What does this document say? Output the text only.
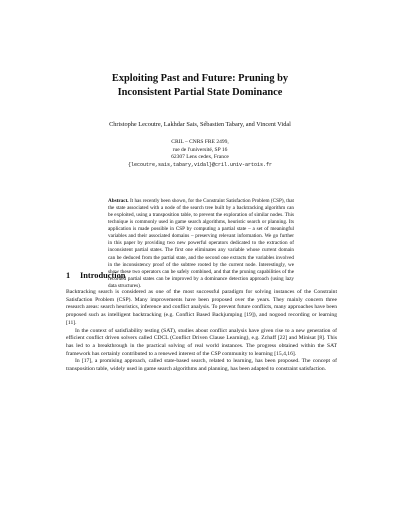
Exploiting Past and Future: Pruning by
Inconsistent Partial State Dominance
Christophe Lecoutre, Lakhdar Sais, Sébastien Tabary, and Vincent Vidal
CRIL – CNRS FRE 2499,
rue de l'université, SP 16
62307 Lens cedex, France
{lecoutre,sais,tabary,vidal}@cril.univ-artois.fr
Abstract. It has recently been shown, for the Constraint Satisfaction Problem (CSP), that the state associated with a node of the search tree built by a backtracking algorithm can be exploited, using a transposition table, to prevent the exploration of similar nodes. This technique is commonly used in game search algorithms, heuristic search or planning. Its application is made possible in CSP by computing a partial state – a set of meaningful variables and their associated domains – preserving relevant information. We go further in this paper by providing two new powerful operators dedicated to the extraction of inconsistent partial states. The first one eliminates any variable whose current domain can be deduced from the partial state, and the second one extracts the variables involved in the inconsistency proof of the subtree rooted by the current node. Interestingly, we show these two operators can be safely combined, and that the pruning capabilities of the recorded partial states can be improved by a dominance detection approach (using lazy data structures).
1 Introduction

Backtracking search is considered as one of the most successful paradigm for solving instances of the Constraint Satisfaction Problem (CSP). Many improvements have been proposed over the years. They mainly concern three research areas: search heuristics, inference and conflict analysis. To prevent future conflicts, many approaches have been proposed such as intelligent backtracking (e.g. Conflict Based Backjumping [19]), and nogood recording or learning [11].

In the context of satisfiability testing (SAT), studies about conflict analysis have given rise to a new generation of efficient conflict driven solvers called CDCL (Conflict Driven Clause Learning), e.g. Zchaff [22] and Minisat [8]. This has led to a breakthrough in the practical solving of real world instances. The progress obtained within the SAT framework has certainly contributed to a renewed interest of the CSP community to learning [15,4,16].

In [17], a promising approach, called state-based search, related to learning, has been proposed. The concept of transposition table, widely used in game search algorithms and planning, has been adapted to constraint satisfaction.
